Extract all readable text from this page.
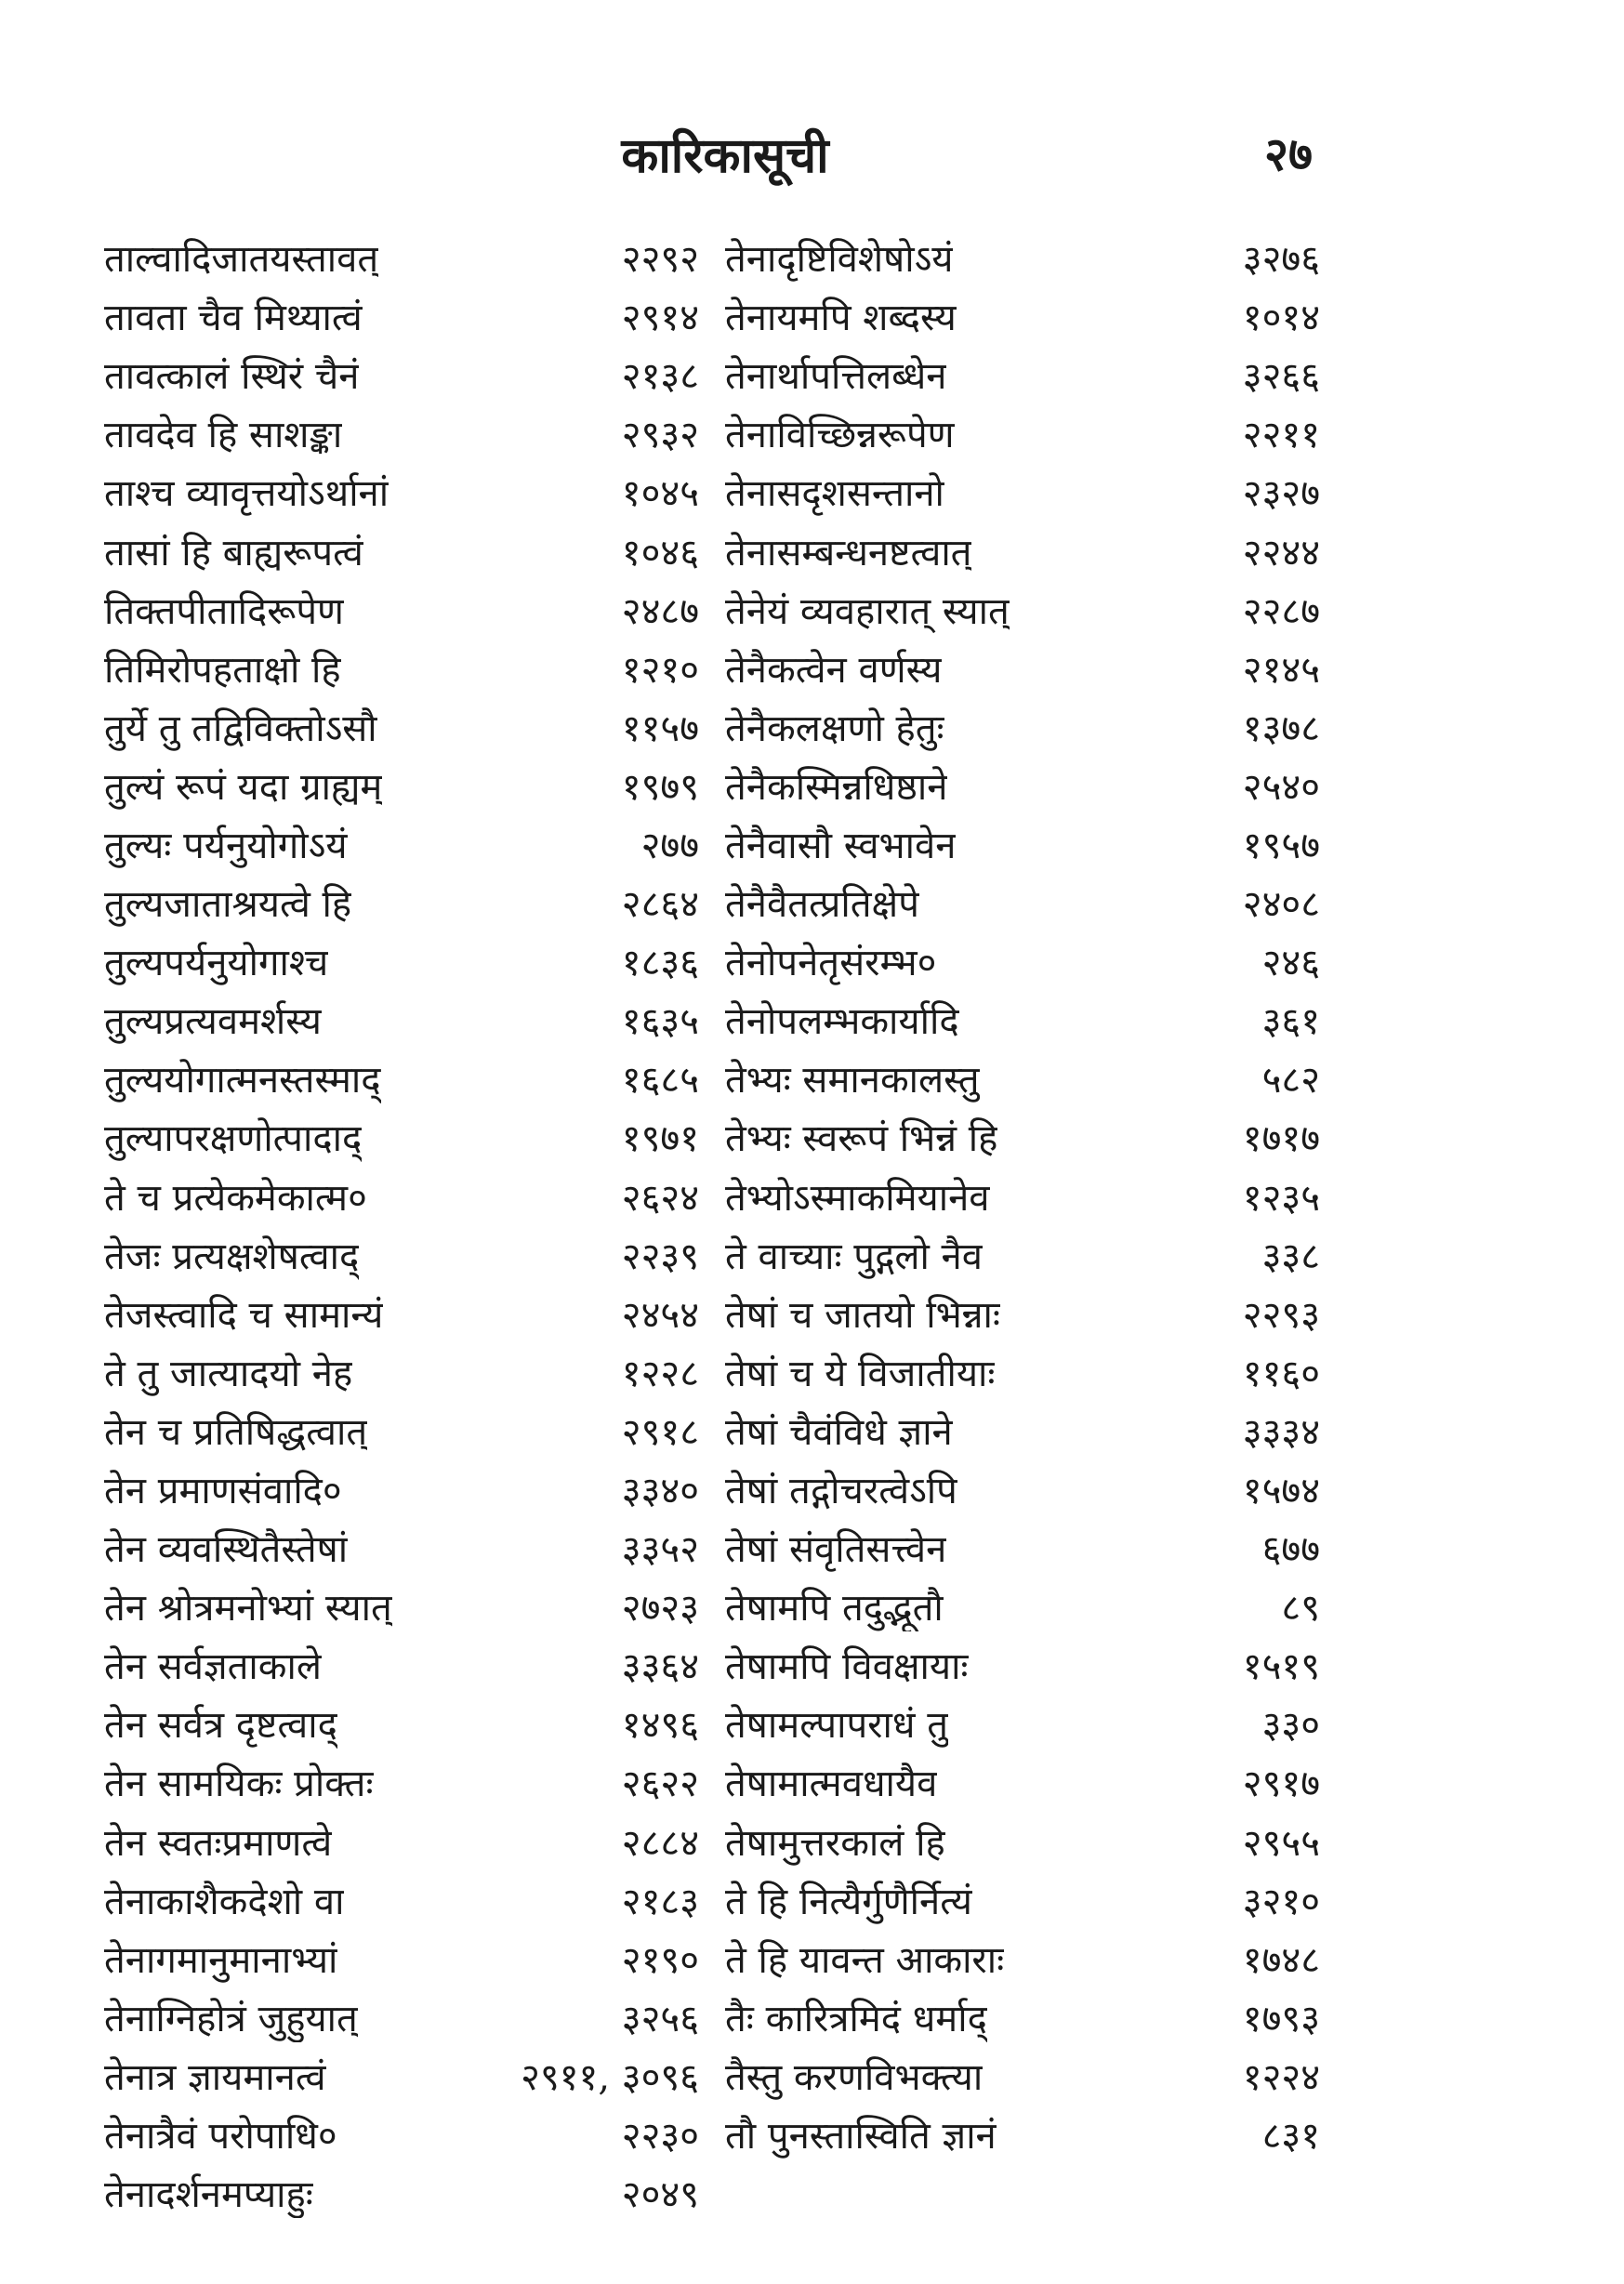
कारिकासूची	२७
ताल्वादिजातयस्तावत्	२२९२
तावता चैव मिथ्यात्वं	२९१४
तावत्कालं स्थिरं चैनं	२१३८
तावदेव हि साशङ्का	२९३२
ताश्च व्यावृत्तयोऽर्थानां	१०४५
तासां हि बाह्यरूपत्वं	१०४६
तिक्तपीतादिरूपेण	२४८७
तिमिरोपहताक्षो हि	१२१०
तुर्ये तु तद्विविक्तोऽसौ	११५७
तुल्यं रूपं यदा ग्राह्यम्	१९७९
तुल्यः पर्यनुयोगोऽयं	२७७
तुल्यजाताश्रयत्वे हि	२८६४
तुल्यपर्यनुयोगाश्च	१८३६
तुल्यप्रत्यवमर्शस्य	१६३५
तुल्ययोगात्मनस्तस्माद्	१६८५
तुल्यापरक्षणोत्पादाद्	१९७१
ते च प्रत्येकमेकात्म०	२६२४
तेजः प्रत्यक्षशेषत्वाद्	२२३९
तेजस्त्वादि च सामान्यं	२४५४
ते तु जात्यादयो नेह	१२२८
तेन च प्रतिषिद्धत्वात्	२९१८
तेन प्रमाणसंवादि०	३३४०
तेन व्यवस्थितैस्तेषां	३३५२
तेन श्रोत्रमनोभ्यां स्यात्	२७२३
तेन सर्वज्ञताकाले	३३६४
तेन सर्वत्र दृष्टत्वाद्	१४९६
तेन सामयिकः प्रोक्तः	२६२२
तेन स्वतःप्रमाणत्वे	२८८४
तेनाकाशैकदेशो वा	२१८३
तेनागमानुमानाभ्यां	२१९०
तेनाग्निहोत्रं जुहुयात्	३२५६
तेनात्र ज्ञायमानत्वं	२९११, ३०९६
तेनात्रैवं परोपाधि०	२२३०
तेनादर्शनमप्याहुः	२०४९
तेनादृष्टिविशेषोऽयं	३२७६
तेनायमपि शब्दस्य	१०१४
तेनार्थापत्तिलब्धेन	३२६६
तेनाविच्छिन्नरूपेण	२२११
तेनासदृशसन्तानो	२३२७
तेनासम्बन्धनष्टत्वात्	२२४४
तेनेयं व्यवहारात् स्यात्	२२८७
तेनैकत्वेन वर्णस्य	२१४५
तेनैकलक्षणो हेतुः	१३७८
तेनैकस्मिन्नधिष्ठाने	२५४०
तेनैवासौ स्वभावेन	१९५७
तेनैवैतत्प्रतिक्षेपे	२४०८
तेनोपनेतृसंरम्भ०	२४६
तेनोपलम्भकार्यादि	३६१
तेभ्यः समानकालस्तु	५८२
तेभ्यः स्वरूपं भिन्नं हि	१७१७
तेभ्योऽस्माकमियानेव	१२३५
ते वाच्याः पुद्गलो नैव	३३८
तेषां च जातयो भिन्नाः	२२९३
तेषां च ये विजातीयाः	११६०
तेषां चैवंविधे ज्ञाने	३३३४
तेषां तद्गोचरत्वेऽपि	१५७४
तेषां संवृतिसत्त्वेन	६७७
तेषामपि तदुद्भूतौ	८९
तेषामपि विवक्षायाः	१५१९
तेषामल्पापराधं तु	३३०
तेषामात्मवधायैव	२९१७
तेषामुत्तरकालं हि	२९५५
ते हि नित्यैर्गुणैर्नित्यं	३२१०
ते हि यावन्त आकाराः	१७४८
तैः कारित्रमिदं धर्माद्	१७९३
तैस्तु करणविभक्त्या	१२२४
तौ पुनस्तास्विति ज्ञानं	८३१
